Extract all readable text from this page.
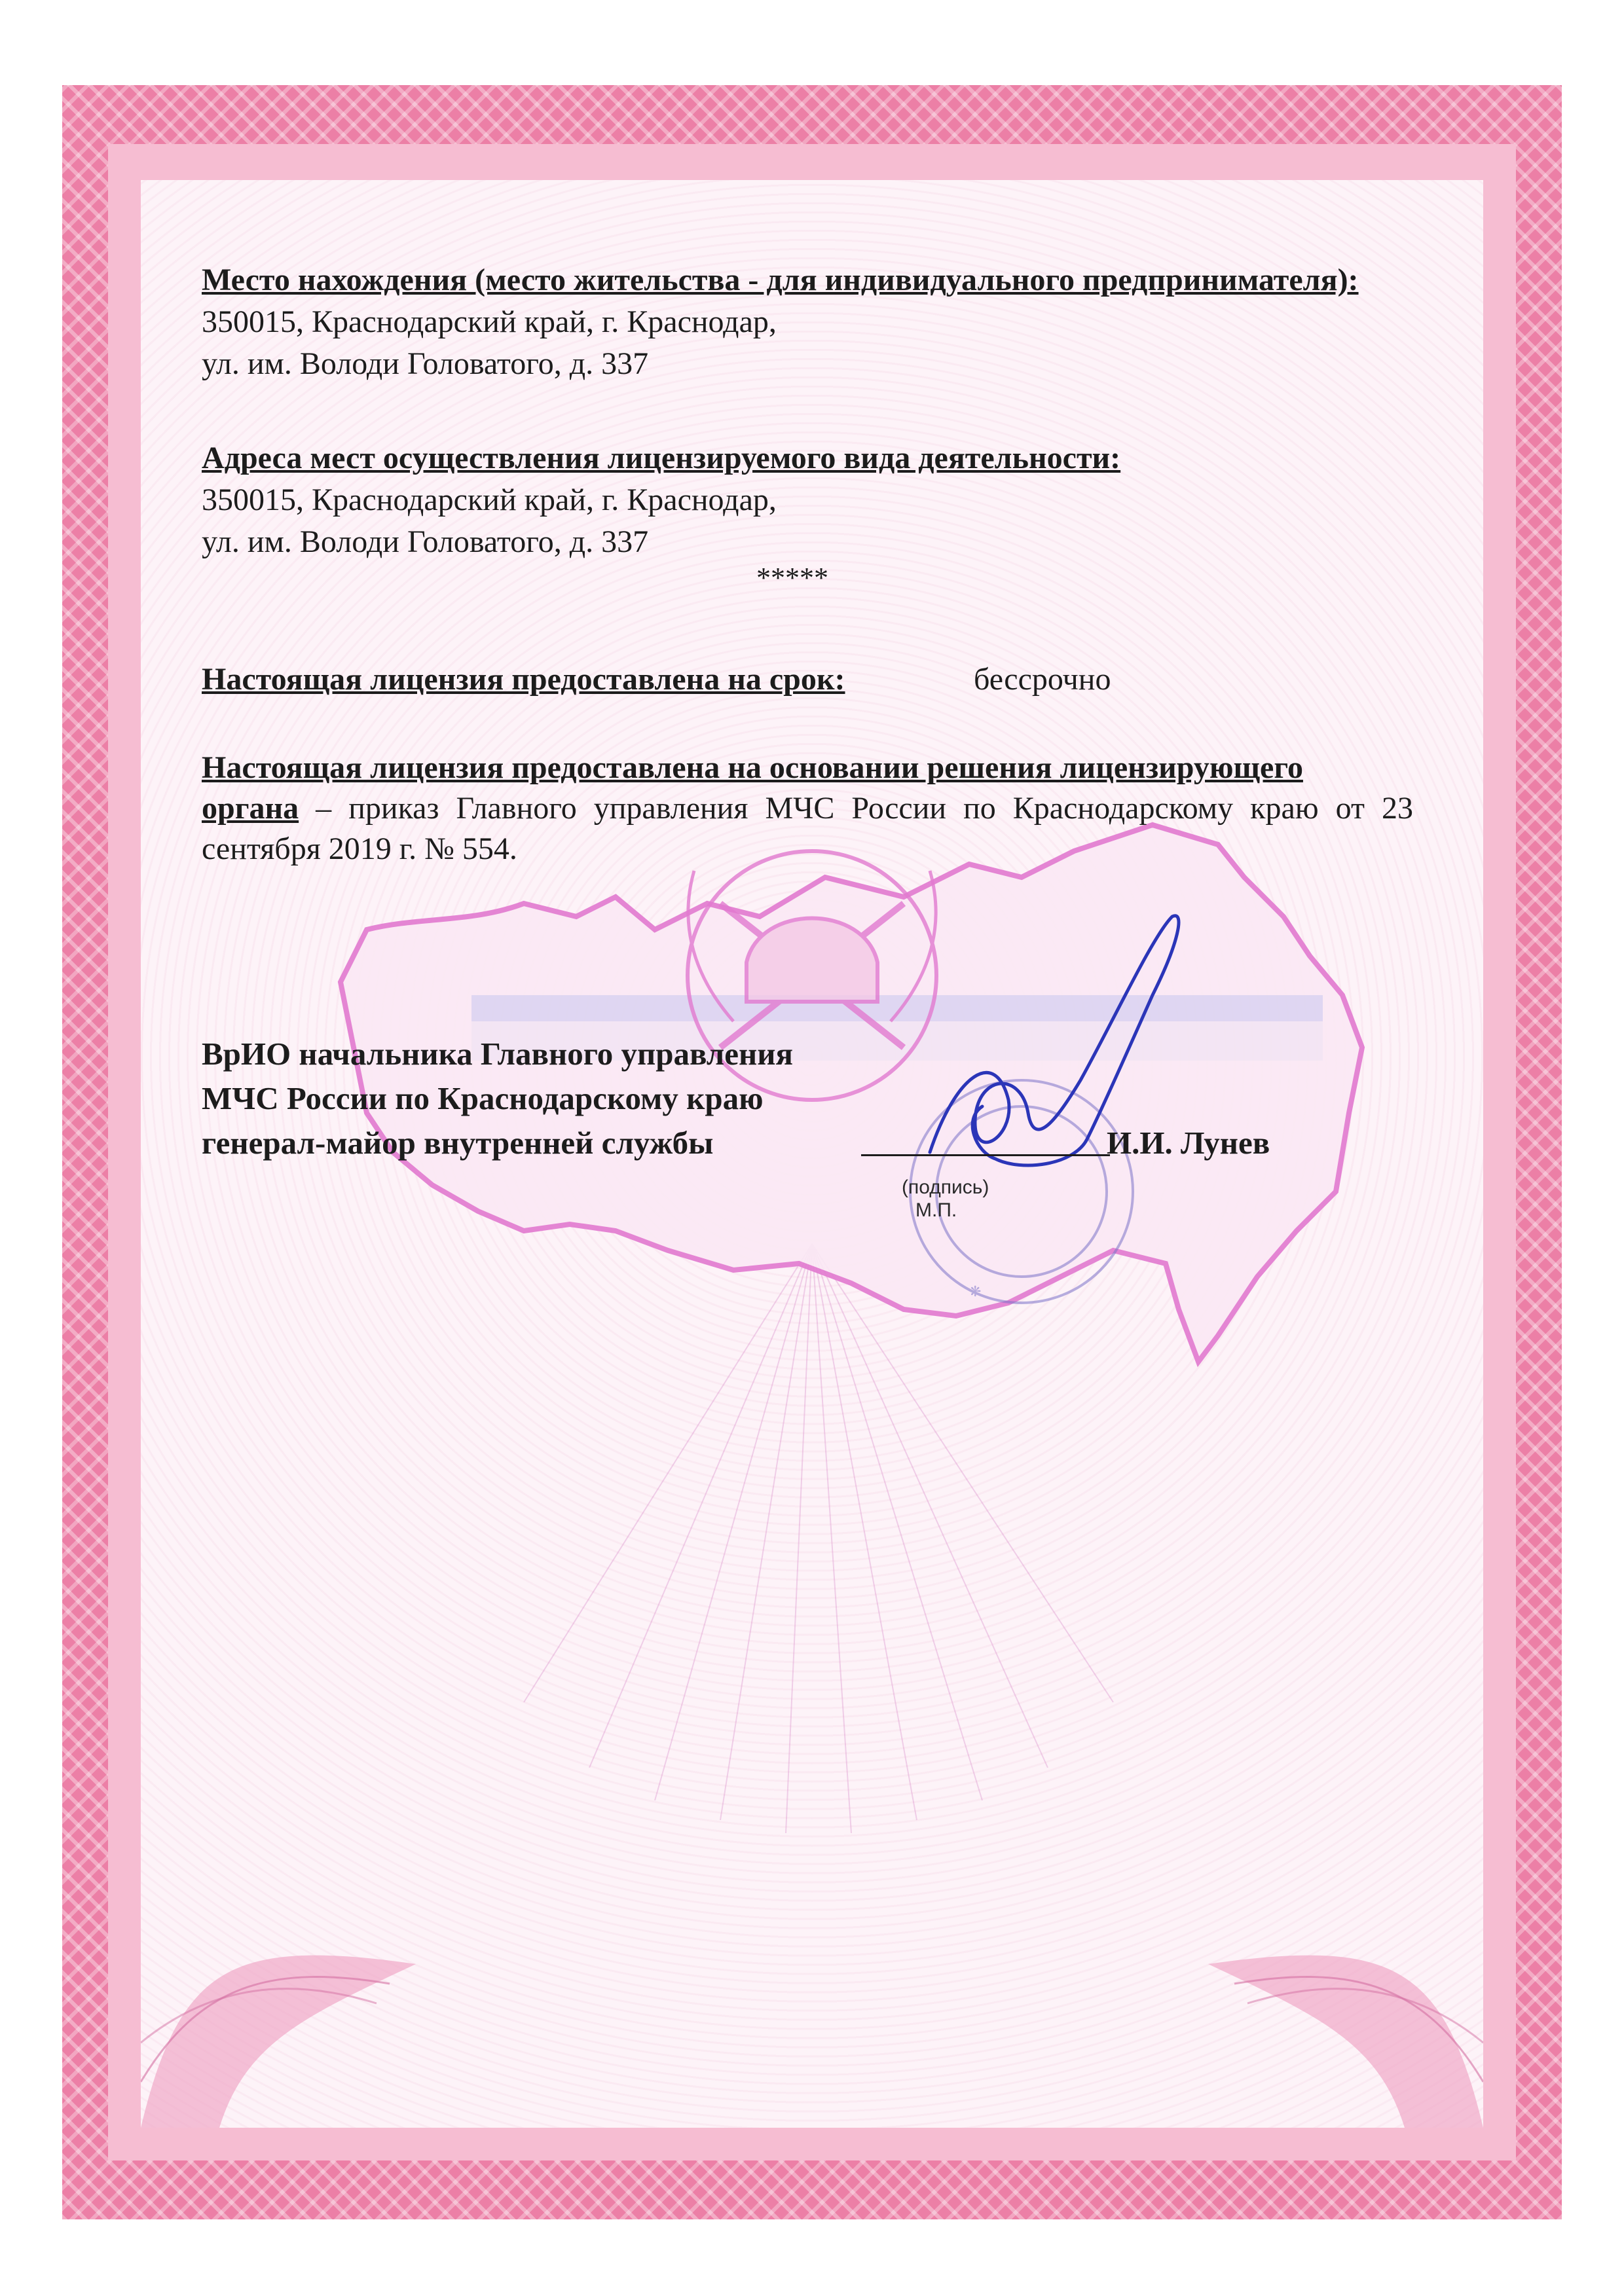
❋
Место нахождения (место жительства - для индивидуального предпринимателя):
350015, Краснодарский край, г. Краснодар,
ул. им. Володи Головатого, д. 337
Адреса мест осуществления лицензируемого вида деятельности:
350015, Краснодарский край, г. Краснодар,
ул. им. Володи Головатого, д. 337
*****
Настоящая лицензия предоставлена на срок:	бессрочно
Настоящая лицензия предоставлена на основании решения лицензирующего
органа – приказ Главного управления МЧС России по Краснодарскому краю от 23 сентября 2019 г. № 554.
ВрИО начальника Главного управления
МЧС России по Краснодарскому краю
генерал-майор внутренней службы	И.И. Лунев
(подпись)
М.П.
